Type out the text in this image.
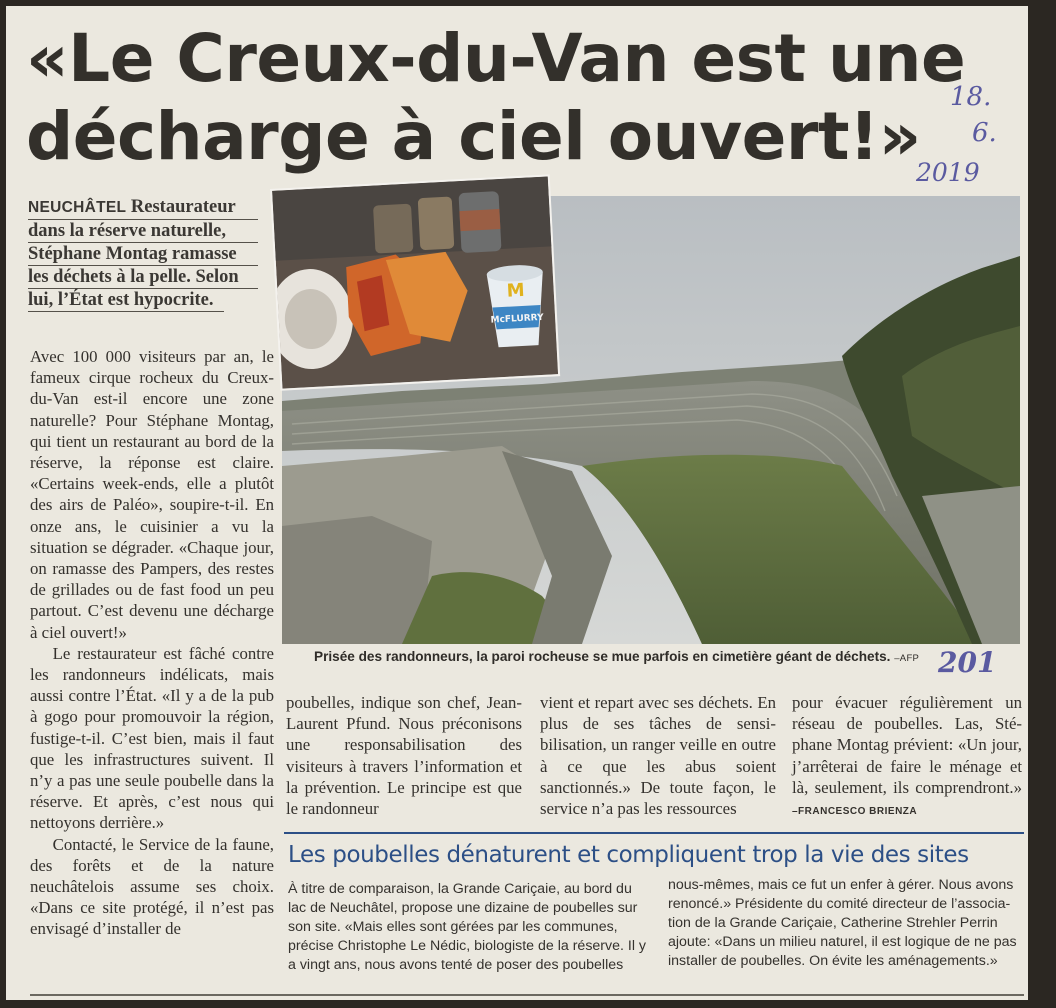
«Le Creux-du-Van est une
décharge à ciel ouvert!»
18.
6.
2019
NEUCHÂTEL Restaurateur
dans la réserve naturelle,
Stéphane Montag ramasse
les déchets à la pelle. Selon
lui, l’État est hypocrite.	M
McFLURRY
Prisée des randonneurs, la paroi rocheuse se mue parfois en cimetière géant de déchets. –AFP 201

Avec 100 000 visiteurs par an, le fameux cirque rocheux du Creux-du-Van est-il encore une zone naturelle? Pour Stéphane Montag, qui tient un restaurant au bord de la réserve, la réponse est claire. «Certains week-ends, elle a plutôt des airs de Paléo», soupire-t-il. En onze ans, le cuisinier a vu la situation se dégrader. «Chaque jour, on ramasse des Pampers, des restes de grillades ou de fast food un peu partout. C’est devenu une décharge à ciel ouvert!»

Le restaurateur est fâché contre les randonneurs indélicats, mais aussi contre l’État. «Il y a de la pub à gogo pour promouvoir la région, fustige-t-il. C’est bien, mais il faut que les infrastructures suivent. Il n’y a pas une seule poubelle dans la réserve. Et après, c’est nous qui nettoyons derrière.»

Contacté, le Service de la faune, des forêts et de la nature neuchâtelois assume ses choix. «Dans ce site protégé, il n’est pas envisagé d’installer de

poubelles, indique son chef, Jean-Laurent Pfund. Nous préconisons une responsabilisation des visiteurs à travers l’information et la prévention. Le principe est que le randonneur

vient et repart avec ses déchets. En plus de ses tâches de sensibilisation, un ranger veille en outre à ce que les abus soient sanctionnés.» De toute façon, le service n’a pas les ressources

pour évacuer régulièrement un réseau de poubelles. Las, Stéphane Montag prévient: «Un jour, j’arrêterai de faire le ménage et là, seulement, ils comprendront.» –FRANCESCO BRIENZA

Les poubelles dénaturent et compliquent trop la vie des sites

À titre de comparaison, la Grande Cariçaie, au bord du lac de Neuchâtel, propose une dizaine de poubelles sur son site. «Mais elles sont gérées par les communes, précise Christophe Le Nédic, biologiste de la réserve. Il y a vingt ans, nous avons tenté de poser des poubelles

nous-mêmes, mais ce fut un enfer à gérer. Nous avons renoncé.» Présidente du comité directeur de l’association de la Grande Cariçaie, Catherine Strehler Perrin ajoute: «Dans un milieu naturel, il est logique de ne pas installer de poubelles. On évite les aménagements.»
